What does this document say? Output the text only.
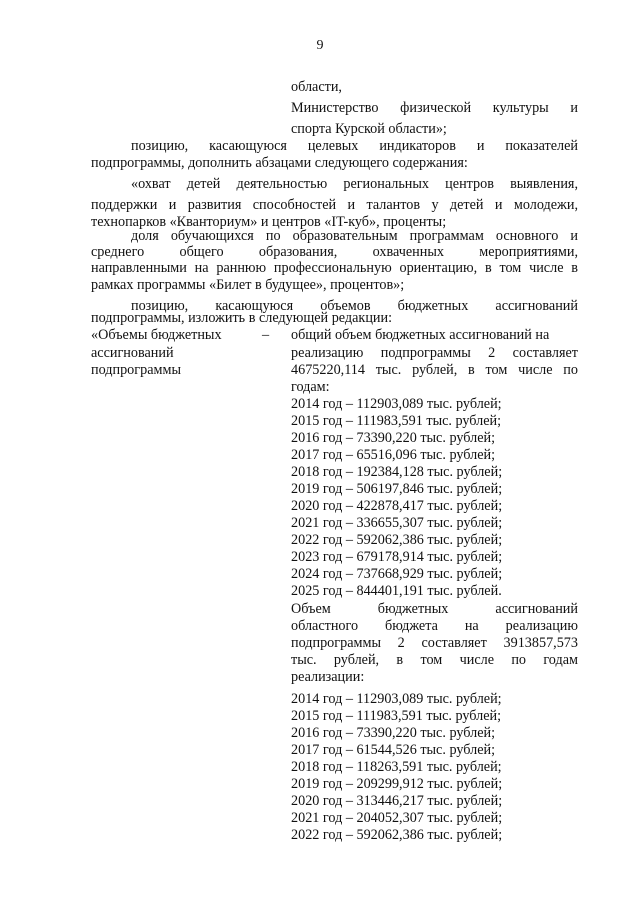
9
области,
Министерство физической культуры и
спорта Курской области»;
позицию, касающуюся целевых индикаторов и показателей
подпрограммы, дополнить абзацами следующего содержания:
«охват детей деятельностью региональных центров выявления,
поддержки и развития способностей и талантов у детей и молодежи,
технопарков «Кванториум» и центров «IT-куб», проценты;
доля обучающихся по образовательным программам основного и
среднего общего образования, охваченных мероприятиями,
направленными на раннюю профессиональную ориентацию, в том числе в
рамках программы «Билет в будущее», процентов»;
позицию, касающуюся объемов бюджетных ассигнований
подпрограммы, изложить в следующей редакции:
«Объемы бюджетных
ассигнований
подпрограммы
– общий объем бюджетных ассигнований на
реализацию подпрограммы 2 составляет
4675220,114 тыс. рублей, в том числе по
годам:
2014 год – 112903,089 тыс. рублей;
2015 год – 111983,591 тыс. рублей;
2016 год – 73390,220 тыс. рублей;
2017 год – 65516,096 тыс. рублей;
2018 год – 192384,128 тыс. рублей;
2019 год – 506197,846 тыс. рублей;
2020 год – 422878,417 тыс. рублей;
2021 год – 336655,307 тыс. рублей;
2022 год – 592062,386 тыс. рублей;
2023 год – 679178,914 тыс. рублей;
2024 год – 737668,929 тыс. рублей;
2025 год – 844401,191 тыс. рублей.
Объем бюджетных ассигнований
областного бюджета на реализацию
подпрограммы 2 составляет 3913857,573
тыс. рублей, в том числе по годам
реализации:
2014 год – 112903,089 тыс. рублей;
2015 год – 111983,591 тыс. рублей;
2016 год – 73390,220 тыс. рублей;
2017 год – 61544,526 тыс. рублей;
2018 год – 118263,591 тыс. рублей;
2019 год – 209299,912 тыс. рублей;
2020 год – 313446,217 тыс. рублей;
2021 год – 204052,307 тыс. рублей;
2022 год – 592062,386 тыс. рублей;
